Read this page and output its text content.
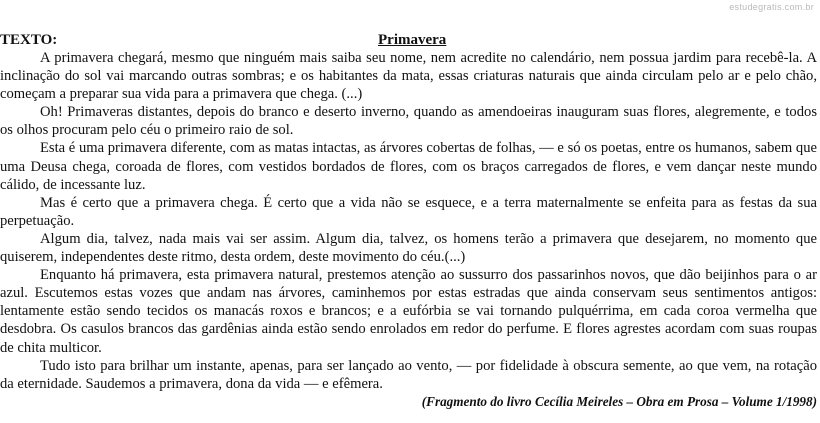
estudegratis.com.br
TEXTO:	Primavera

A primavera chegará, mesmo que ninguém mais saiba seu nome, nem acredite no calendário, nem possua jardim para recebê-la. A inclinação do sol vai marcando outras sombras; e os habitantes da mata, essas criaturas naturais que ainda circulam pelo ar e pelo chão, começam a preparar sua vida para a primavera que chega. (...)

Oh! Primaveras distantes, depois do branco e deserto inverno, quando as amendoeiras inauguram suas flores, alegremente, e todos os olhos procuram pelo céu o primeiro raio de sol.

Esta é uma primavera diferente, com as matas intactas, as árvores cobertas de folhas, — e só os poetas, entre os humanos, sabem que uma Deusa chega, coroada de flores, com vestidos bordados de flores, com os braços carregados de flores, e vem dançar neste mundo cálido, de incessante luz.

Mas é certo que a primavera chega. É certo que a vida não se esquece, e a terra maternalmente se enfeita para as festas da sua perpetuação.

Algum dia, talvez, nada mais vai ser assim. Algum dia, talvez, os homens terão a primavera que desejarem, no momento que quiserem, independentes deste ritmo, desta ordem, deste movimento do céu.(...)

Enquanto há primavera, esta primavera natural, prestemos atenção ao sussurro dos passarinhos novos, que dão beijinhos para o ar azul. Escutemos estas vozes que andam nas árvores, caminhemos por estas estradas que ainda conservam seus sentimentos antigos: lentamente estão sendo tecidos os manacás roxos e brancos; e a eufórbia se vai tornando pulquérrima, em cada coroa vermelha que desdobra. Os casulos brancos das gardênias ainda estão sendo enrolados em redor do perfume. E flores agrestes acordam com suas roupas de chita multicor.

Tudo isto para brilhar um instante, apenas, para ser lançado ao vento, — por fidelidade à obscura semente, ao que vem, na rotação da eternidade. Saudemos a primavera, dona da vida — e efêmera.

(Fragmento do livro Cecília Meireles – Obra em Prosa – Volume 1/1998)
